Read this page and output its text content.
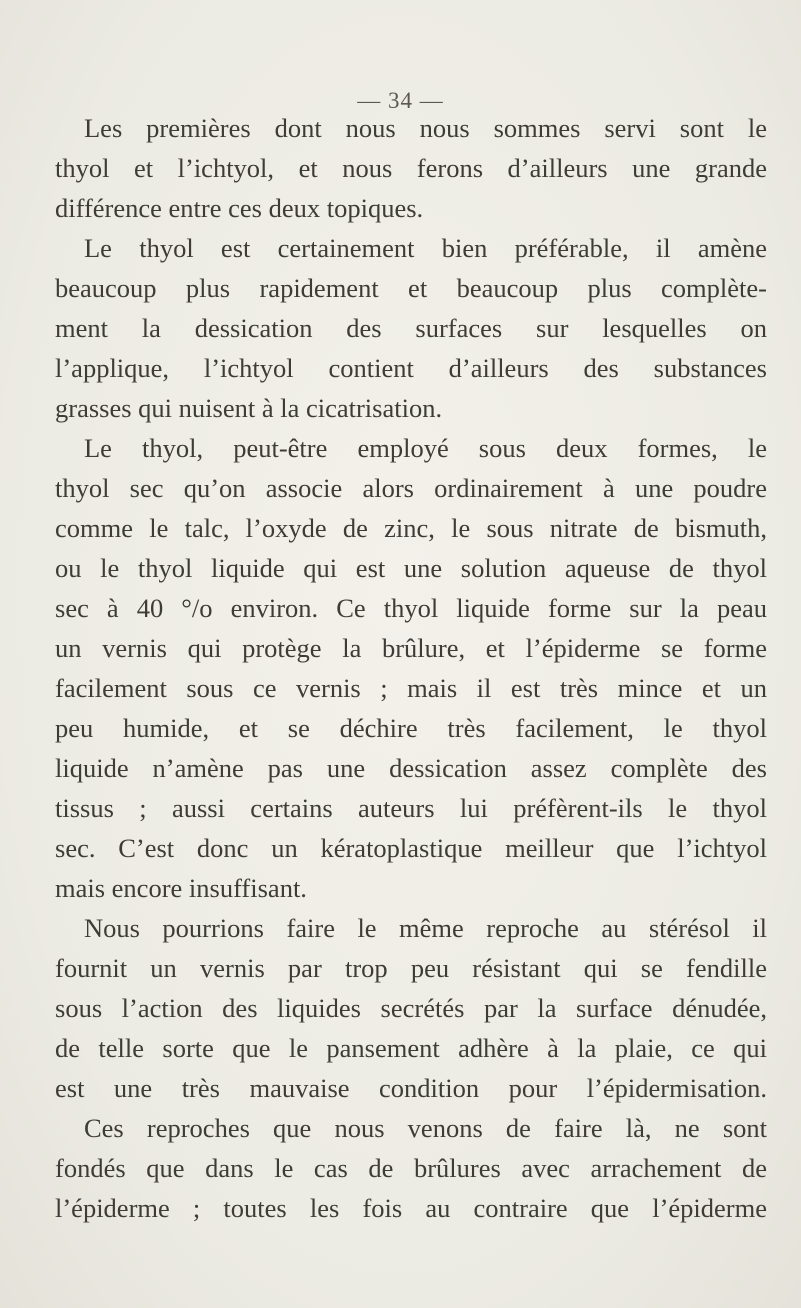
— 34 —
Les premières dont nous nous sommes servi sont le
thyol et l’ichtyol, et nous ferons d’ailleurs une grande
différence entre ces deux topiques.
Le thyol est certainement bien préférable, il amène
beaucoup plus rapidement et beaucoup plus complète-
ment la dessication des surfaces sur lesquelles on
l’applique, l’ichtyol contient d’ailleurs des substances
grasses qui nuisent à la cicatrisation.
Le thyol, peut-être employé sous deux formes, le
thyol sec qu’on associe alors ordinairement à une poudre
comme le talc, l’oxyde de zinc, le sous nitrate de bismuth,
ou le thyol liquide qui est une solution aqueuse de thyol
sec à 40 °/o environ. Ce thyol liquide forme sur la peau
un vernis qui protège la brûlure, et l’épiderme se forme
facilement sous ce vernis ; mais il est très mince et un
peu humide, et se déchire très facilement, le thyol
liquide n’amène pas une dessication assez complète des
tissus ; aussi certains auteurs lui préfèrent-ils le thyol
sec. C’est donc un kératoplastique meilleur que l’ichtyol
mais encore insuffisant.
Nous pourrions faire le même reproche au stérésol il
fournit un vernis par trop peu résistant qui se fendille
sous l’action des liquides secrétés par la surface dénudée,
de telle sorte que le pansement adhère à la plaie, ce qui
est une très mauvaise condition pour l’épidermisation.
Ces reproches que nous venons de faire là, ne sont
fondés que dans le cas de brûlures avec arrachement de
l’épiderme ; toutes les fois au contraire que l’épiderme
